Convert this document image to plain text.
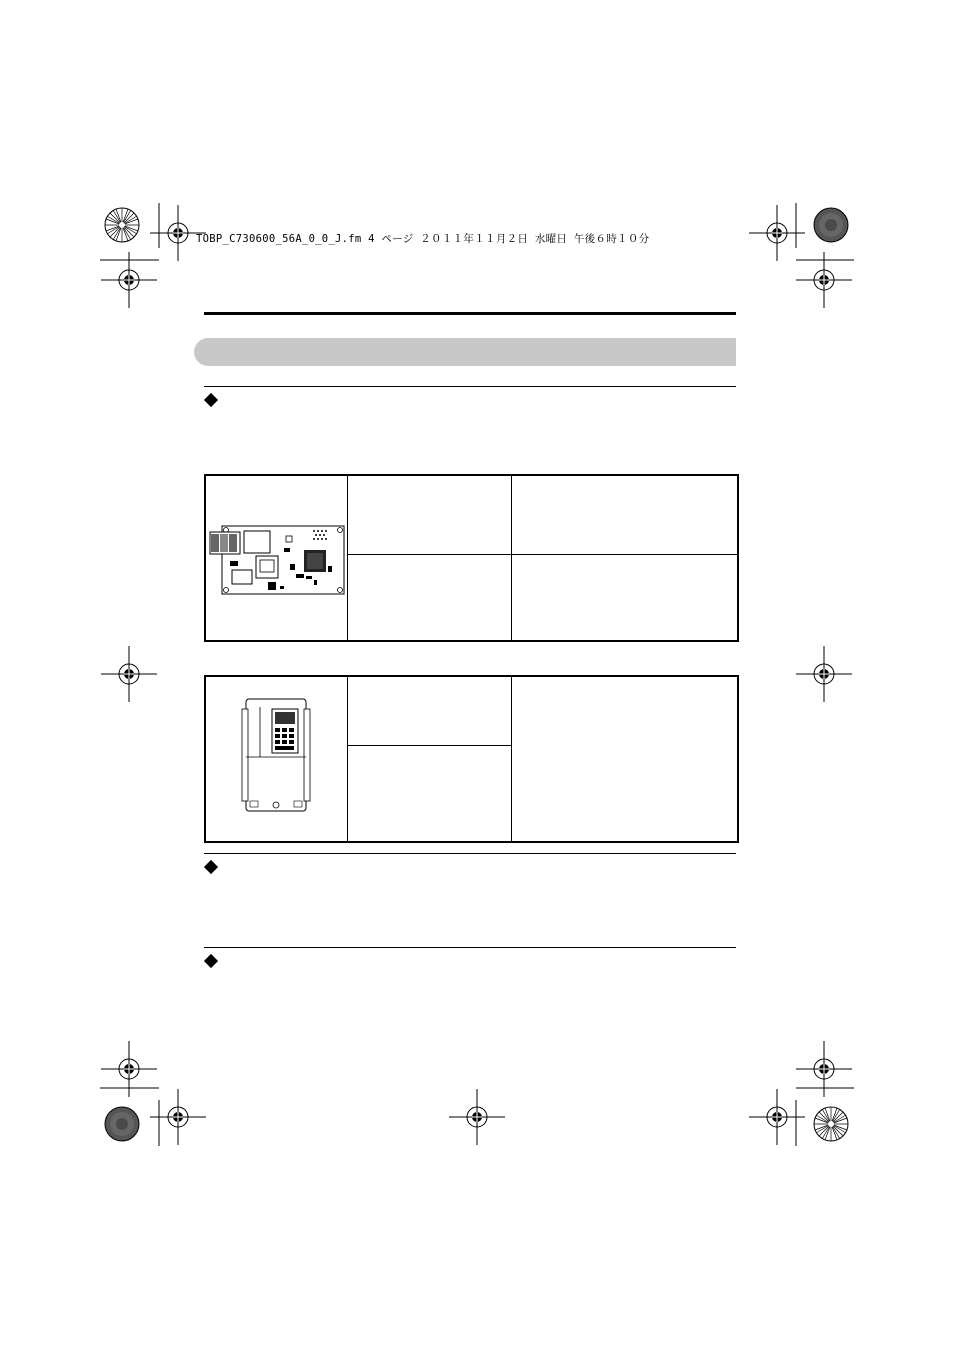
TOBP_C730600_56A_0_0_J.fm 4 ページ ２０１１年１１月２日 水曜日 午後６時１０分
